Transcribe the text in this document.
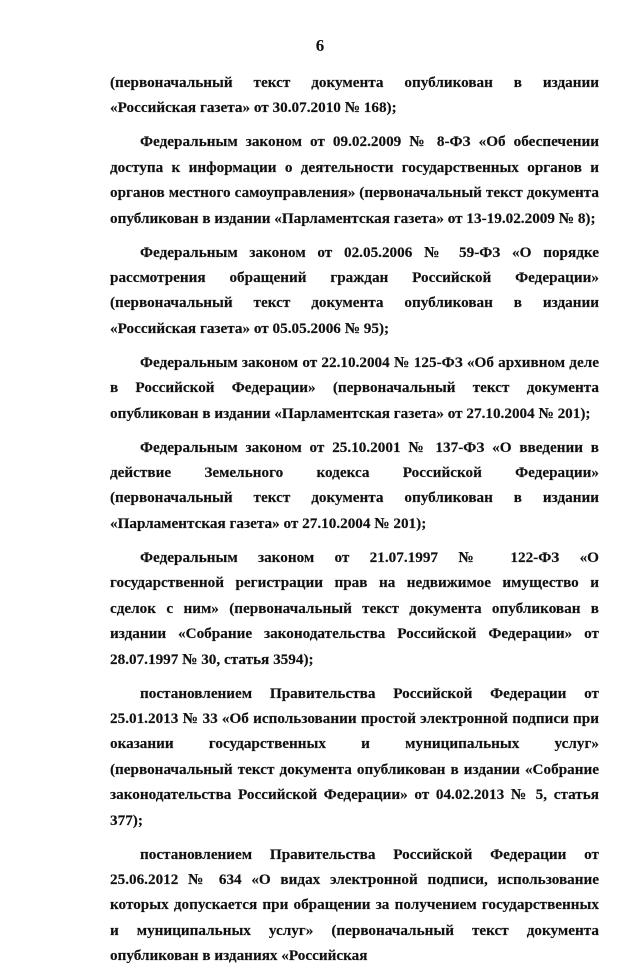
6

(первоначальный текст документа опубликован в издании «Российская газета» от 30.07.2010 № 168);

Федеральным законом от 09.02.2009 № 8-ФЗ «Об обеспечении доступа к информации о деятельности государственных органов и органов местного самоуправления» (первоначальный текст документа опубликован в издании «Парламентская газета» от 13-19.02.2009 № 8);

Федеральным законом от 02.05.2006 № 59-ФЗ «О порядке рассмотрения обращений граждан Российской Федерации» (первоначальный текст документа опубликован в издании «Российская газета» от 05.05.2006 № 95);

Федеральным законом от 22.10.2004 № 125-ФЗ «Об архивном деле в Российской Федерации» (первоначальный текст документа опубликован в издании «Парламентская газета» от 27.10.2004 № 201);

Федеральным законом от 25.10.2001 № 137-ФЗ «О введении в действие Земельного кодекса Российской Федерации» (первоначальный текст документа опубликован в издании «Парламентская газета» от 27.10.2004 № 201);

Федеральным законом от 21.07.1997 № 122-ФЗ «О государственной регистрации прав на недвижимое имущество и сделок с ним» (первоначальный текст документа опубликован в издании «Собрание законодательства Российской Федерации» от 28.07.1997 № 30, статья 3594);

постановлением Правительства Российской Федерации от 25.01.2013 № 33 «Об использовании простой электронной подписи при оказании государственных и муниципальных услуг» (первоначальный текст документа опубликован в издании «Собрание законодательства Российской Федерации» от 04.02.2013 № 5, статья 377);

постановлением Правительства Российской Федерации от 25.06.2012 № 634 «О видах электронной подписи, использование которых допускается при обращении за получением государственных и муниципальных услуг» (первоначальный текст документа опубликован в изданиях «Российская
